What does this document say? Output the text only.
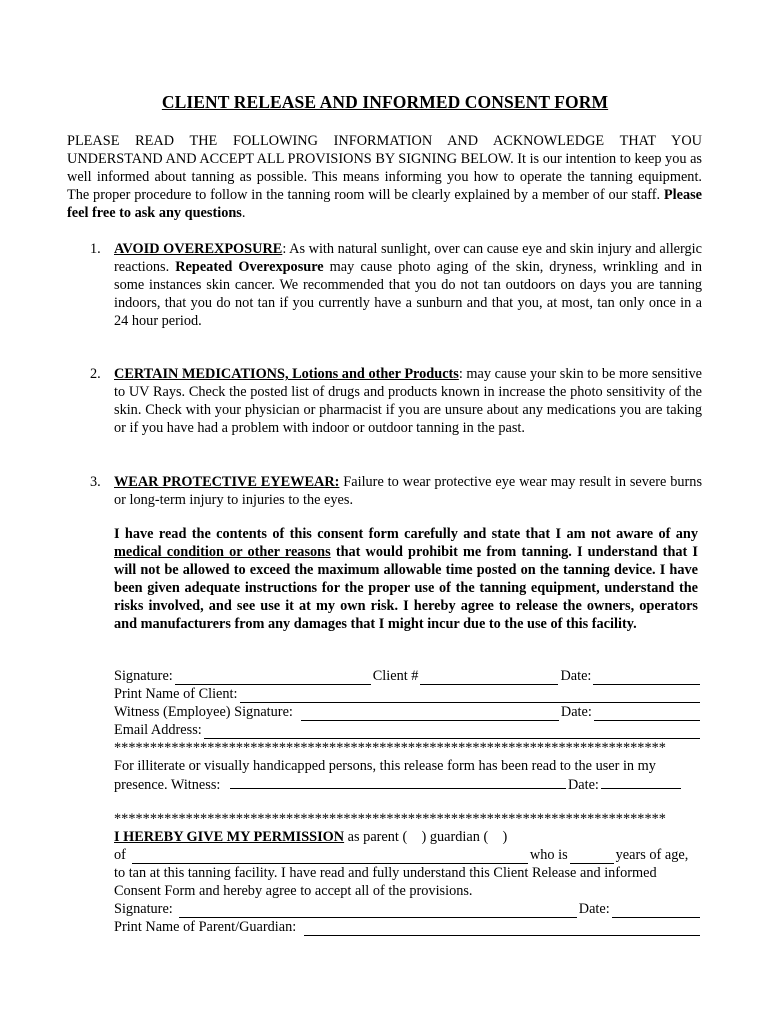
CLIENT RELEASE AND INFORMED CONSENT FORM
PLEASE READ THE FOLLOWING INFORMATION AND ACKNOWLEDGE THAT YOU UNDERSTAND AND ACCEPT ALL PROVISIONS BY SIGNING BELOW. It is our intention to keep you as well informed about tanning as possible. This means informing you how to operate the tanning equipment. The proper procedure to follow in the tanning room will be clearly explained by a member of our staff. Please feel free to ask any questions.
1. AVOID OVEREXPOSURE: As with natural sunlight, over can cause eye and skin injury and allergic reactions. Repeated Overexposure may cause photo aging of the skin, dryness, wrinkling and in some instances skin cancer. We recommended that you do not tan outdoors on days you are tanning indoors, that you do not tan if you currently have a sunburn and that you, at most, tan only once in a 24 hour period.
2. CERTAIN MEDICATIONS, Lotions and other Products: may cause your skin to be more sensitive to UV Rays. Check the posted list of drugs and products known in increase the photo sensitivity of the skin. Check with your physician or pharmacist if you are unsure about any medications you are taking or if you have had a problem with indoor or outdoor tanning in the past.
3. WEAR PROTECTIVE EYEWEAR: Failure to wear protective eye wear may result in severe burns or long-term injury to injuries to the eyes.
I have read the contents of this consent form carefully and state that I am not aware of any medical condition or other reasons that would prohibit me from tanning. I understand that I will not be allowed to exceed the maximum allowable time posted on the tanning device. I have been given adequate instructions for the proper use of the tanning equipment, understand the risks involved, and see use it at my own risk. I hereby agree to release the owners, operators and manufacturers from any damages that I might incur due to the use of this facility.
Signature:	Client #	Date:
Print Name of Client:
Witness (Employee) Signature:	Date:
Email Address:
*****************************************************************************
For illiterate or visually handicapped persons, this release form has been read to the user in my presence. Witness:	Date:
*****************************************************************************
I HEREBY GIVE MY PERMISSION as parent (    ) guardian (    )
of	who is	years of age,
to tan at this tanning facility. I have read and fully understand this Client Release and informed Consent Form and hereby agree to accept all of the provisions.
Signature:	Date:
Print Name of Parent/Guardian:
